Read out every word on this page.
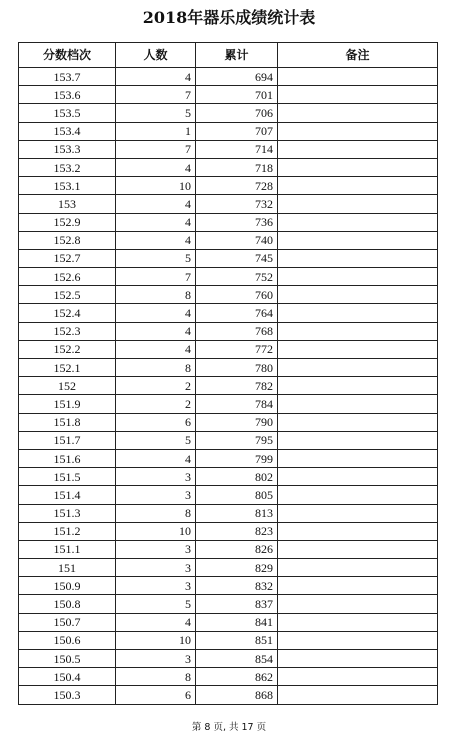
2018年器乐成绩统计表
分数档次	人数	累计	备注
153.7	4	694	
153.6	7	701	
153.5	5	706	
153.4	1	707	
153.3	7	714	
153.2	4	718	
153.1	10	728	
153	4	732	
152.9	4	736	
152.8	4	740	
152.7	5	745	
152.6	7	752	
152.5	8	760	
152.4	4	764	
152.3	4	768	
152.2	4	772	
152.1	8	780	
152	2	782	
151.9	2	784	
151.8	6	790	
151.7	5	795	
151.6	4	799	
151.5	3	802	
151.4	3	805	
151.3	8	813	
151.2	10	823	
151.1	3	826	
151	3	829	
150.9	3	832	
150.8	5	837	
150.7	4	841	
150.6	10	851	
150.5	3	854	
150.4	8	862	
150.3	6	868	
第 8 页, 共 17 页
